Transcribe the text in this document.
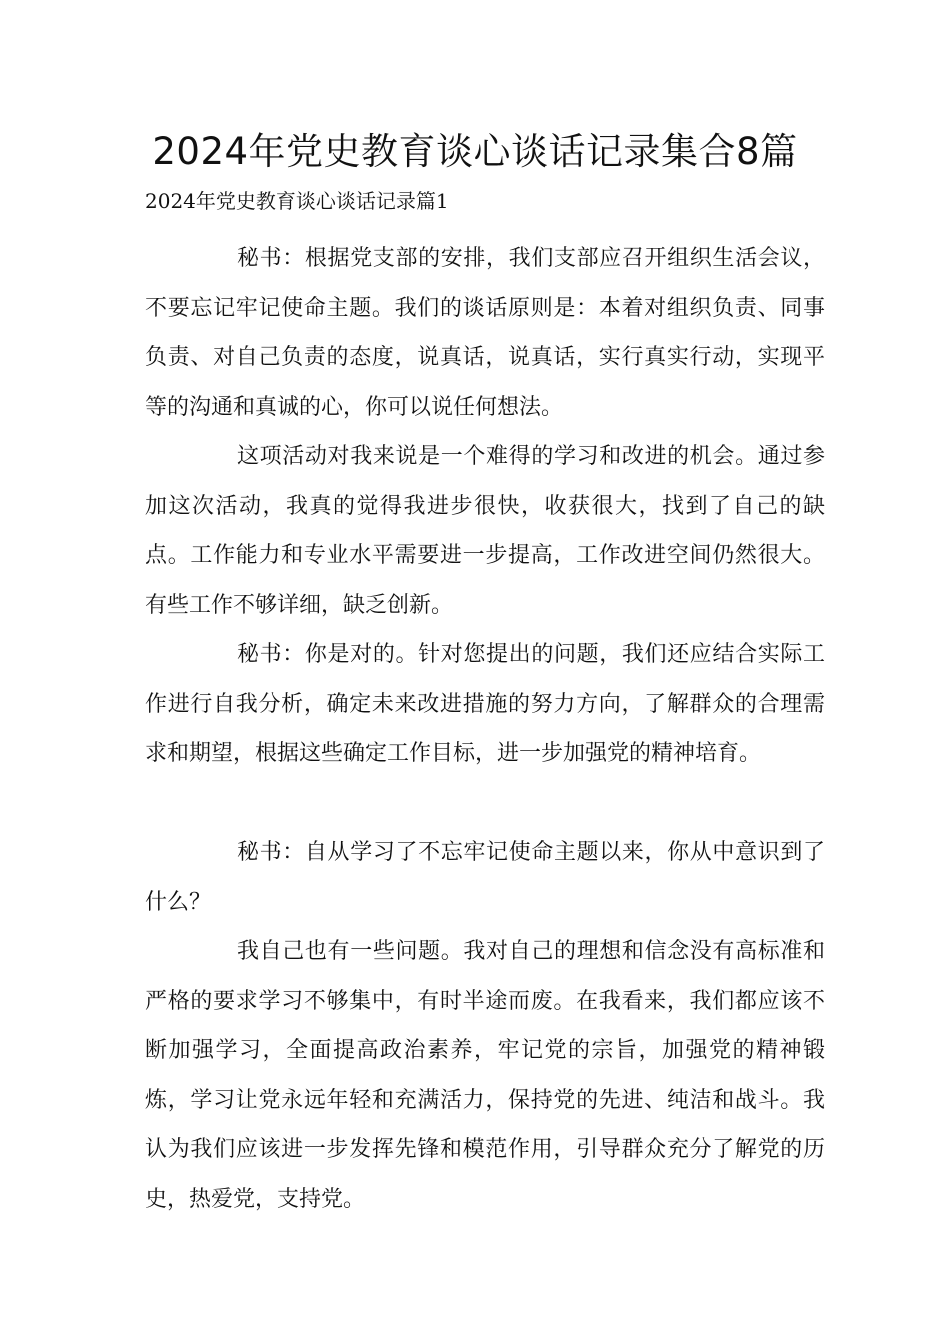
2024年党史教育谈心谈话记录集合8篇

2024年党史教育谈心谈话记录篇1

秘书：根据党支部的安排，我们支部应召开组织生活会议，不要忘记牢记使命主题。我们的谈话原则是：本着对组织负责、同事负责、对自己负责的态度，说真话，说真话，实行真实行动，实现平等的沟通和真诚的心，你可以说任何想法。

这项活动对我来说是一个难得的学习和改进的机会。通过参加这次活动，我真的觉得我进步很快，收获很大，找到了自己的缺点。工作能力和专业水平需要进一步提高，工作改进空间仍然很大。有些工作不够详细，缺乏创新。

秘书：你是对的。针对您提出的问题，我们还应结合实际工作进行自我分析，确定未来改进措施的努力方向，了解群众的合理需求和期望，根据这些确定工作目标，进一步加强党的精神培育。

秘书：自从学习了不忘牢记使命主题以来，你从中意识到了什么？

我自己也有一些问题。我对自己的理想和信念没有高标准和严格的要求学习不够集中，有时半途而废。在我看来，我们都应该不断加强学习，全面提高政治素养，牢记党的宗旨，加强党的精神锻炼，学习让党永远年轻和充满活力，保持党的先进、纯洁和战斗。我认为我们应该进一步发挥先锋和模范作用，引导群众充分了解党的历史，热爱党，支持党。
